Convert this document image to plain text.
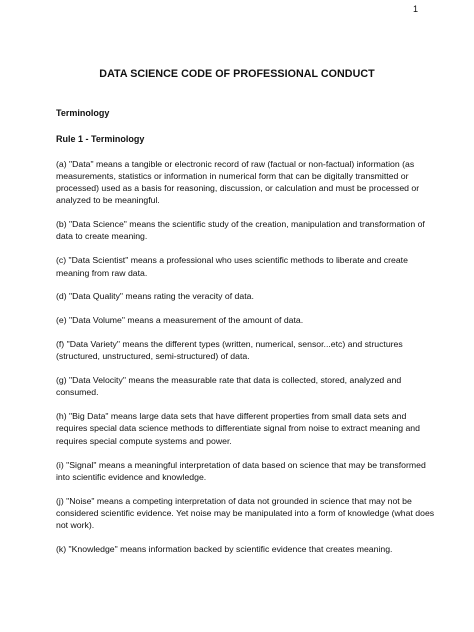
1
DATA SCIENCE CODE OF PROFESSIONAL CONDUCT
Terminology
Rule 1 - Terminology

(a) "Data" means a tangible or electronic record of raw (factual or non-factual) information (as measurements, statistics or information in numerical form that can be digitally transmitted or processed) used as a basis for reasoning, discussion, or calculation and must be processed or analyzed to be meaningful.

(b) "Data Science" means the scientific study of the creation, manipulation and transformation of data to create meaning.

(c) "Data Scientist" means a professional who uses scientific methods to liberate and create meaning from raw data.

(d) "Data Quality" means rating the veracity of data.

(e) "Data Volume" means a measurement of the amount of data.

(f) "Data Variety" means the different types (written, numerical, sensor...etc) and structures (structured, unstructured, semi-structured) of data.

(g) "Data Velocity" means the measurable rate that data is collected, stored, analyzed and consumed.

(h) "Big Data" means large data sets that have different properties from small data sets and requires special data science methods to differentiate signal from noise to extract meaning and requires special compute systems and power.

(i) "Signal" means a meaningful interpretation of data based on science that may be transformed into scientific evidence and knowledge.

(j) "Noise" means a competing interpretation of data not grounded in science that may not be considered scientific evidence. Yet noise may be manipulated into a form of knowledge (what does not work).

(k) "Knowledge" means information backed by scientific evidence that creates meaning.
